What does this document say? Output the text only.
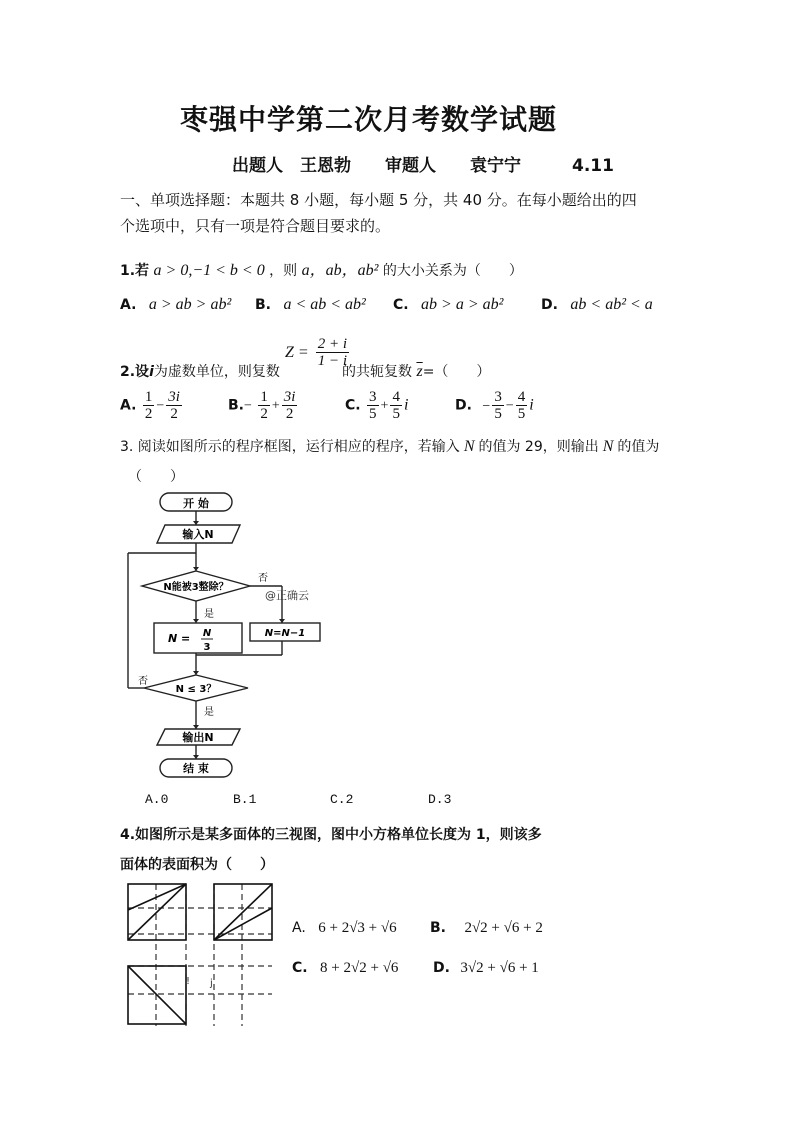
枣强中学第二次月考数学试题
出题人　王恩勃　　审题人　　袁宁宁　　　4.11
一、单项选择题：本题共 8 小题，每小题 5 分，共 40 分。在每小题给出的四
个选项中，只有一项是符合题目要求的。
1.若 a > 0,−1 < b < 0 ，则 a，ab，ab² 的大小关系为（　　）
A. a > ab > ab² B. a < ab < ab² C. ab > a > ab²	D. ab < ab² < a
$Z = \frac{2 + i}{1 - i}$
2.设i为虚数单位，则复数	的共轭复数 $\overline{z}=$（　　）
A. $\frac{1}{2} - \frac{3i}{2}$	$B.- \frac{1}{2} + \frac{3i}{2}$	C. $\frac{3}{5} + \frac{4}{5}$ i	D. − $\frac{3}{5} - \frac{4}{5}$ i
3. 阅读如图所示的程序框图，运行相应的程序，若输入 N 的值为 29，则输出 N 的值为
（　　）
开 始
输入N
N能被3整除？
否
是
@正确云
N = N
3
N=N−1
N ≤ 3？
否
是
输出N
结 束
A.0	B.1	C.2	D.3
4.如图所示是某多面体的三视图，图中小方格单位长度为 1，则该多
面体的表面积为（　　）
! j
A. 6 + 2√3 + √6 B. 2√2 + √6 + 2
C. 8 + 2√2 + √6 D. 3√2 + √6 + 1
